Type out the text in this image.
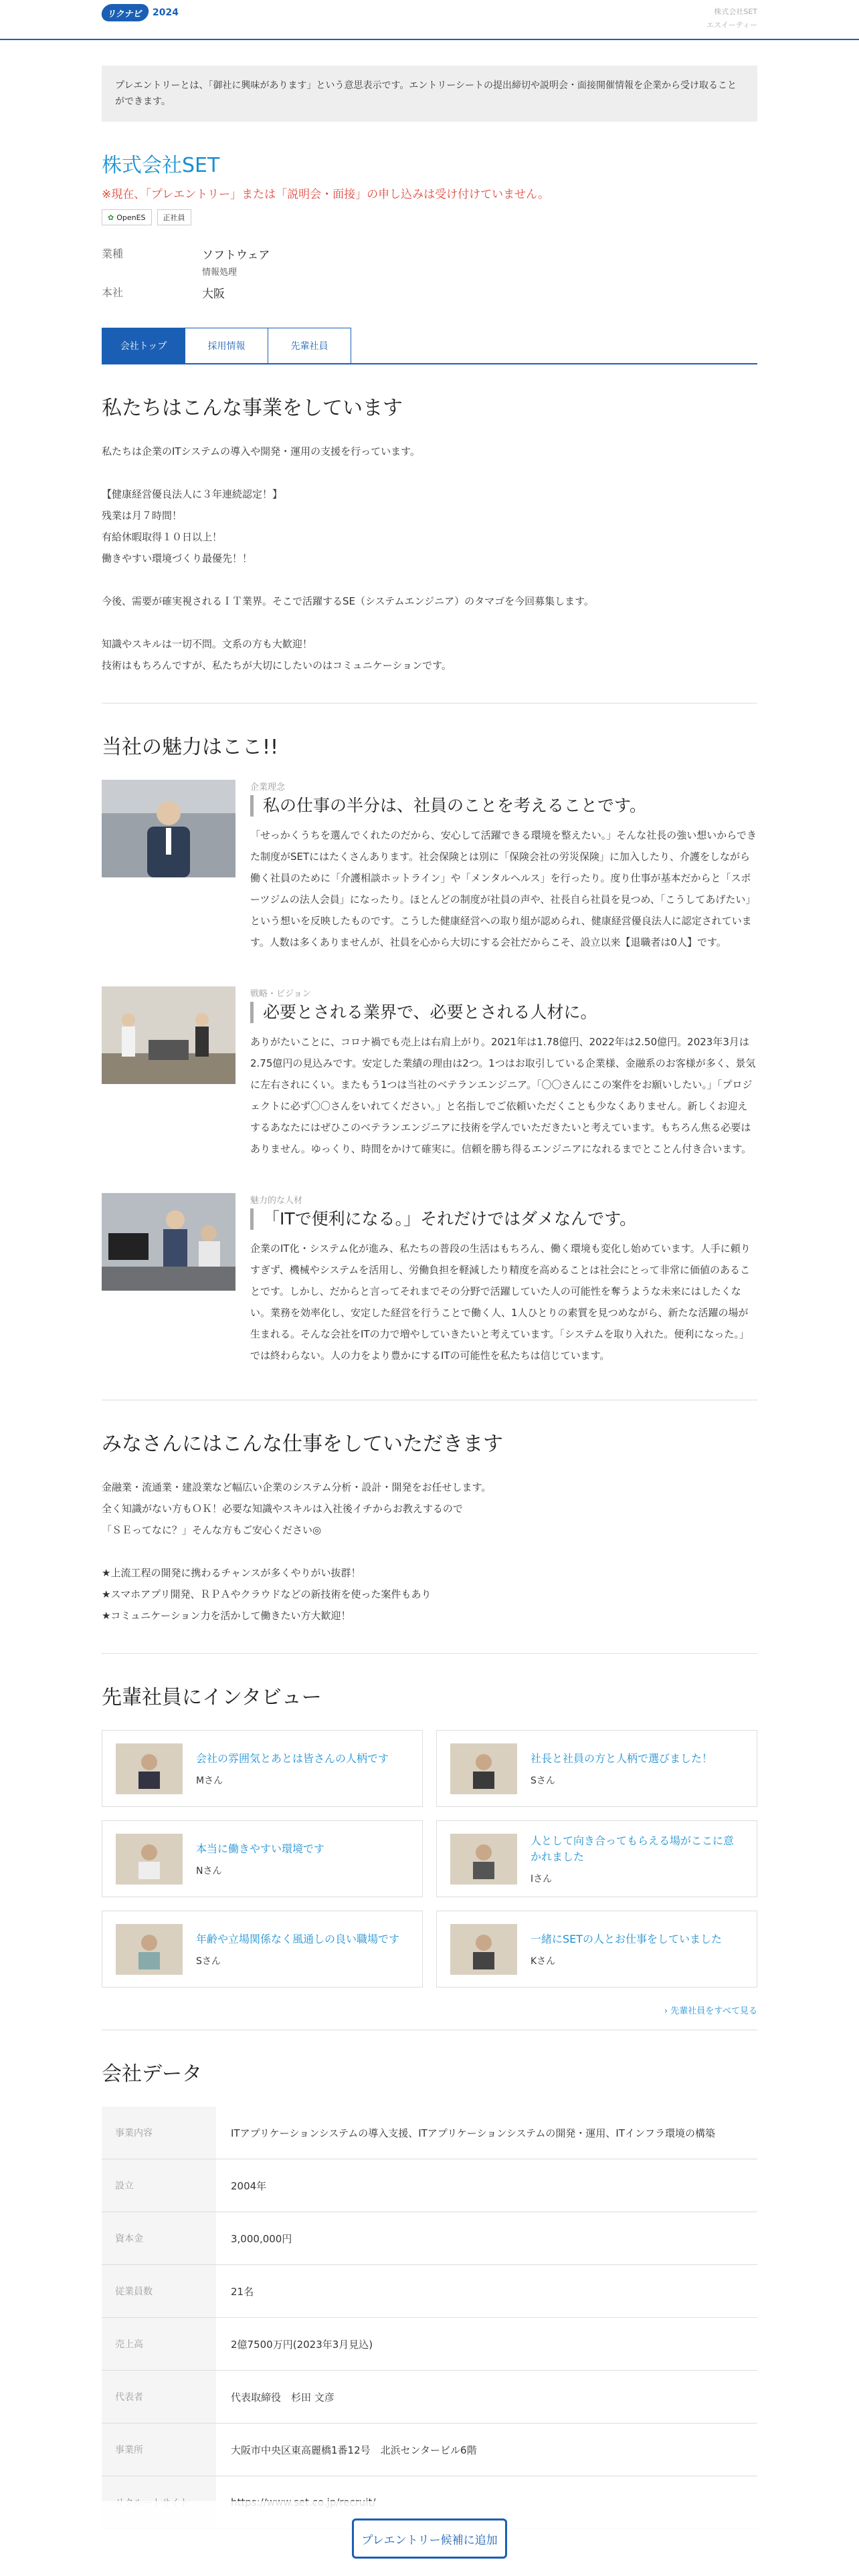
リクナビ	2024	株式会社SET
エスイーティー
プレエントリーとは、「御社に興味があります」という意思表示です。エントリーシートの提出締切や説明会・面接開催情報を企業から受け取ることができます。
株式会社SET
※現在、「プレエントリー」または「説明会・面接」の申し込みは受け付けていません。
✿ OpenES 正社員
業種	ソフトウェア
情報処理
本社	大阪
会社トップ	採用情報	先輩社員
私たちはこんな事業をしています
私たちは企業のITシステムの導入や開発・運用の支援を行っています。

【健康経営優良法人に３年連続認定！】
残業は月７時間！
有給休暇取得１０日以上！
働きやすい環境づくり最優先！！

今後、需要が確実視されるＩＴ業界。そこで活躍するSE（システムエンジニア）のタマゴを今回募集します。

知識やスキルは一切不問。文系の方も大歓迎！
技術はもちろんですが、私たちが大切にしたいのはコミュニケーションです。
当社の魅力はここ!!
企業理念
私の仕事の半分は、社員のことを考えることです。
「せっかくうちを選んでくれたのだから、安心して活躍できる環境を整えたい。」そんな社長の強い想いからできた制度がSETにはたくさんあります。社会保険とは別に「保険会社の労災保険」に加入したり、介護をしながら働く社員のために「介護相談ホットライン」や「メンタルヘルス」を行ったり。度り仕事が基本だからと「スポーツジムの法人会員」になったり。ほとんどの制度が社員の声や、社長自ら社員を見つめ、「こうしてあげたい」という想いを反映したものです。こうした健康経営への取り組が認められ、健康経営優良法人に認定されています。人数は多くありませんが、社員を心から大切にする会社だからこそ、設立以来【退職者は0人】です。
戦略・ビジョン
必要とされる業界で、必要とされる人材に。
ありがたいことに、コロナ禍でも売上は右肩上がり。2021年は1.78億円、2022年は2.50億円。2023年3月は2.75億円の見込みです。安定した業績の理由は2つ。1つはお取引している企業様、金融系のお客様が多く、景気に左右されにくい。またもう1つは当社のベテランエンジニア。「〇〇さんにこの案件をお願いしたい。」「プロジェクトに必ず〇〇さんをいれてください。」と名指しでご依頼いただくことも少なくありません。新しくお迎えするあなたにはぜひこのベテランエンジニアに技術を学んでいただきたいと考えています。もちろん焦る必要はありません。ゆっくり、時間をかけて確実に。信頼を勝ち得るエンジニアになれるまでとことん付き合います。
魅力的な人材
「ITで便利になる。」それだけではダメなんです。
企業のIT化・システム化が進み、私たちの普段の生活はもちろん、働く環境も変化し始めています。人手に頼りすぎず、機械やシステムを活用し、労働負担を軽減したり精度を高めることは社会にとって非常に価値のあることです。しかし、だからと言ってそれまでその分野で活躍していた人の可能性を奪うような未来にはしたくない。業務を効率化し、安定した経営を行うことで働く人、1人ひとりの素質を見つめながら、新たな活躍の場が生まれる。そんな会社をITの力で増やしていきたいと考えています。「システムを取り入れた。便利になった。」では終わらない。人の力をより豊かにするITの可能性を私たちは信じています。
みなさんにはこんな仕事をしていただきます
金融業・流通業・建設業など幅広い企業のシステム分析・設計・開発をお任せします。
全く知識がない方もＯＫ！必要な知識やスキルは入社後イチからお教えするので
「ＳＥってなに？」そんな方もご安心ください◎

★上流工程の開発に携わるチャンスが多くやりがい抜群！
★スマホアプリ開発、ＲＰＡやクラウドなどの新技術を使った案件もあり
★コミュニケーション力を活かして働きたい方大歓迎！
先輩社員にインタビュー
会社の雰囲気とあとは皆さんの人柄です
Mさん
社長と社員の方と人柄で選びました！
Sさん
本当に働きやすい環境です
Nさん
人として向き合ってもらえる場がここに意かれました
Iさん
年齢や立場関係なく風通しの良い職場です
Sさん
一緒にSETの人とお仕事をしていました
Kさん
› 先輩社員をすべて見る
会社データ
事業内容	ITアプリケーションシステムの導入支援、ITアプリケーションシステムの開発・運用、ITインフラ環境の構築
設立	2004年
資本金	3,000,000円
従業員数	21名
売上高	2億7500万円(2023年3月見込)
代表者	代表取締役　杉田 文彦
事業所	大阪市中央区東高麗橋1番12号　北浜センタービル6階

プレエントリー候補に追加
